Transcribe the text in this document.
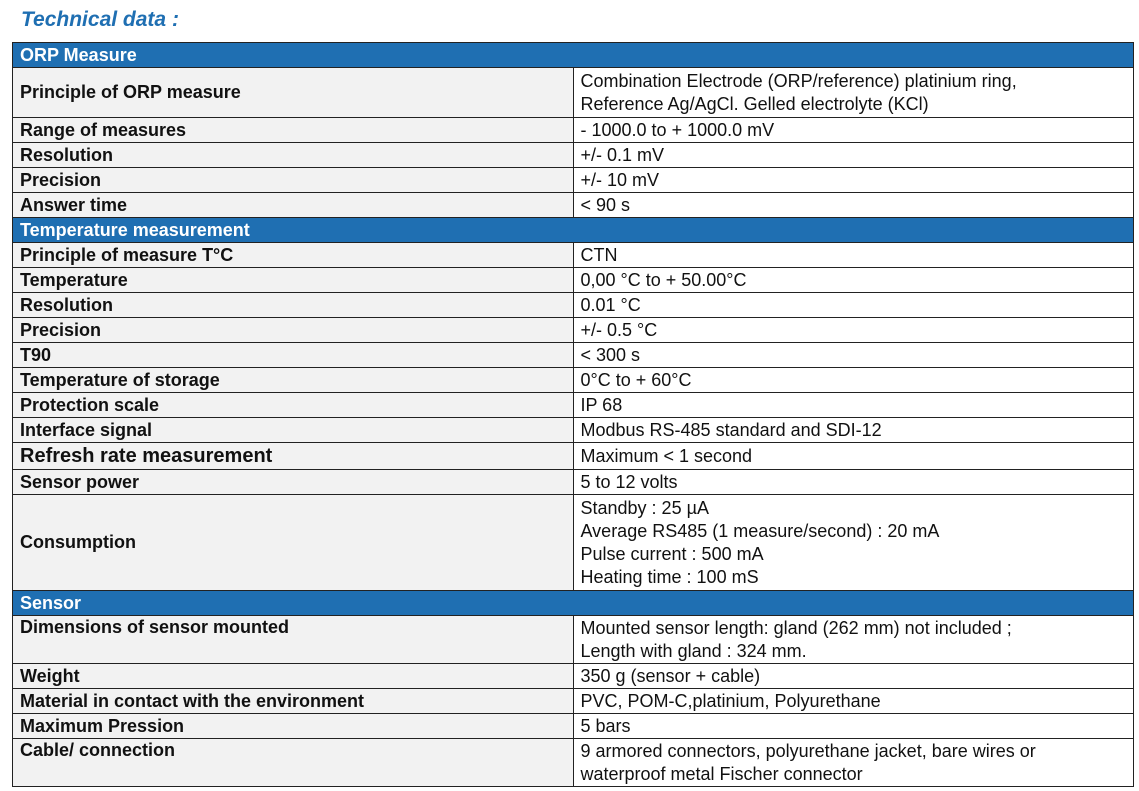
Technical data :
ORP Measure	
Principle of ORP measure	Combination Electrode (ORP/reference) platinium ring,
Reference Ag/AgCl. Gelled electrolyte (KCl)

Range of measures	- 1000.0 to + 1000.0 mV
Resolution	+/- 0.1 mV
Precision	+/- 10 mV
Answer time	< 90 s
Temperature measurement	
Principle of measure T°C	CTN
Temperature	0,00 °C to + 50.00°C
Resolution	0.01 °C
Precision	+/- 0.5 °C
T90	< 300 s
Temperature of storage	0°C to + 60°C
Protection scale	IP 68
Interface signal	Modbus RS-485 standard and SDI-12
Refresh rate measurement	Maximum < 1 second
Sensor power	5 to 12 volts
Consumption	Standby : 25 µA
Average RS485 (1 measure/second) : 20 mA
Pulse current : 500 mA
Heating time : 100 mS

Sensor	
Dimensions of sensor mounted	Mounted sensor length: gland (262 mm) not included ;
Length with gland : 324 mm.

Weight	350 g (sensor + cable)
Material in contact with the environment	PVC, POM-C,platinium, Polyurethane
Maximum Pression	5 bars
Cable/ connection	9 armored connectors, polyurethane jacket, bare wires or
waterproof metal Fischer connector
